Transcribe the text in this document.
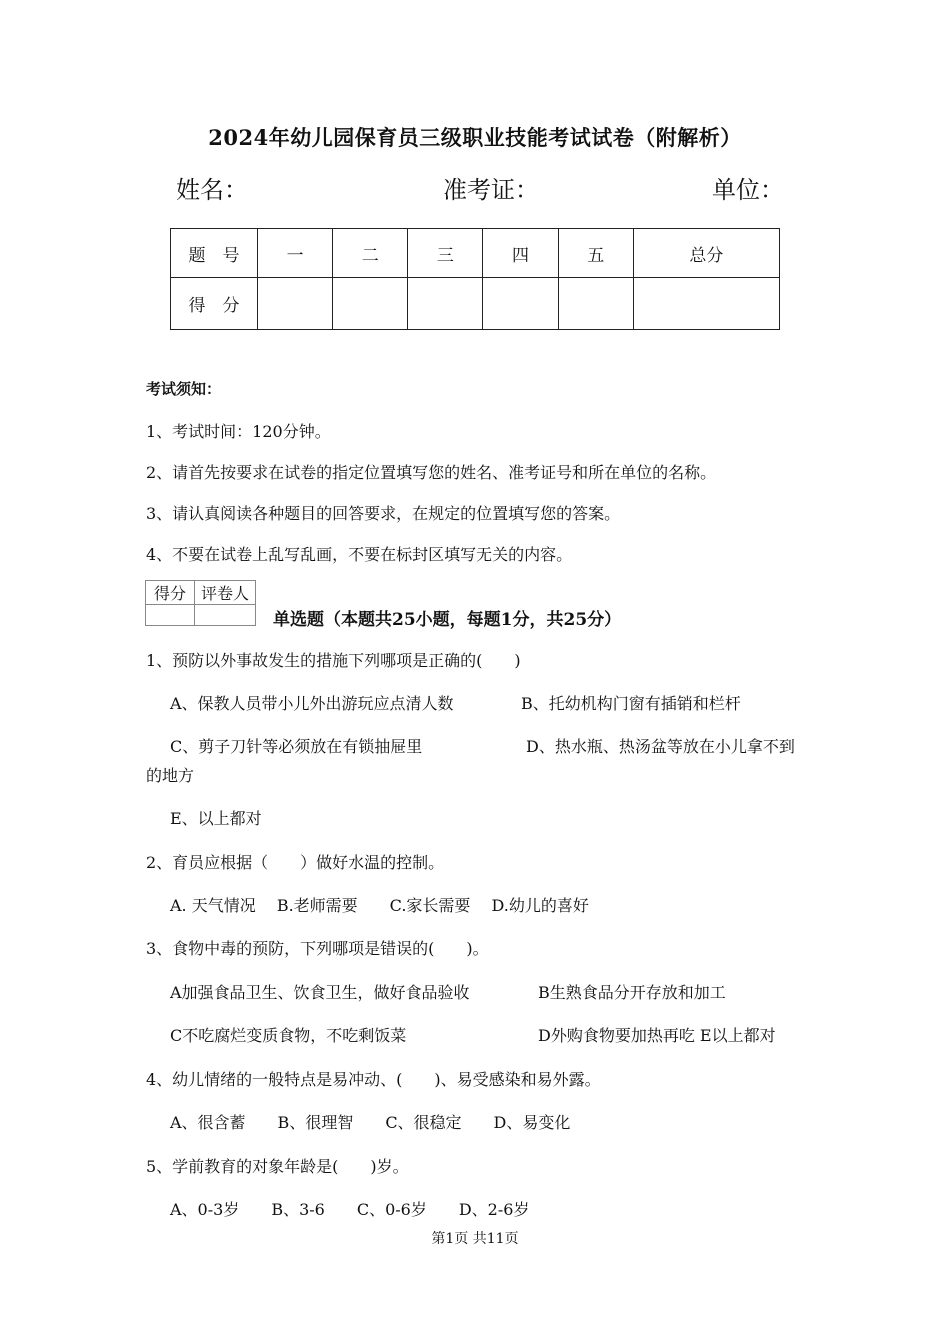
2024年幼儿园保育员三级职业技能考试试卷（附解析）
姓名：	准考证：	单位：
题　号	一	二	三	四	五	总分
得　分						
考试须知：
1、考试时间：120分钟。
2、请首先按要求在试卷的指定位置填写您的姓名、准考证号和所在单位的名称。
3、请认真阅读各种题目的回答要求，在规定的位置填写您的答案。
4、不要在试卷上乱写乱画，不要在标封区填写无关的内容。
得分	评卷人

单选题（本题共25小题，每题1分，共25分）
1、预防以外事故发生的措施下列哪项是正确的(　　)
A、保教人员带小儿外出游玩应点清人数	B、托幼机构门窗有插销和栏杆
C、剪子刀针等必须放在有锁抽屉里	D、热水瓶、热汤盆等放在小儿拿不到
的地方
E、以上都对
2、育员应根据（　　）做好水温的控制。
A. 天气情况　 B.老师需要　　C.家长需要　 D.幼儿的喜好
3、食物中毒的预防，下列哪项是错误的(　　)。
A加强食品卫生、饮食卫生，做好食品验收	B生熟食品分开存放和加工
C不吃腐烂变质食物，不吃剩饭菜	D外购食物要加热再吃 E以上都对
4、幼儿情绪的一般特点是易冲动、(　　)、易受感染和易外露。
A、很含蓄　　B、很理智　　C、很稳定　　D、易变化
5、学前教育的对象年龄是(　　)岁。
A、0-3岁　　B、3-6　　C、0-6岁　　D、2-6岁
第1页 共11页
